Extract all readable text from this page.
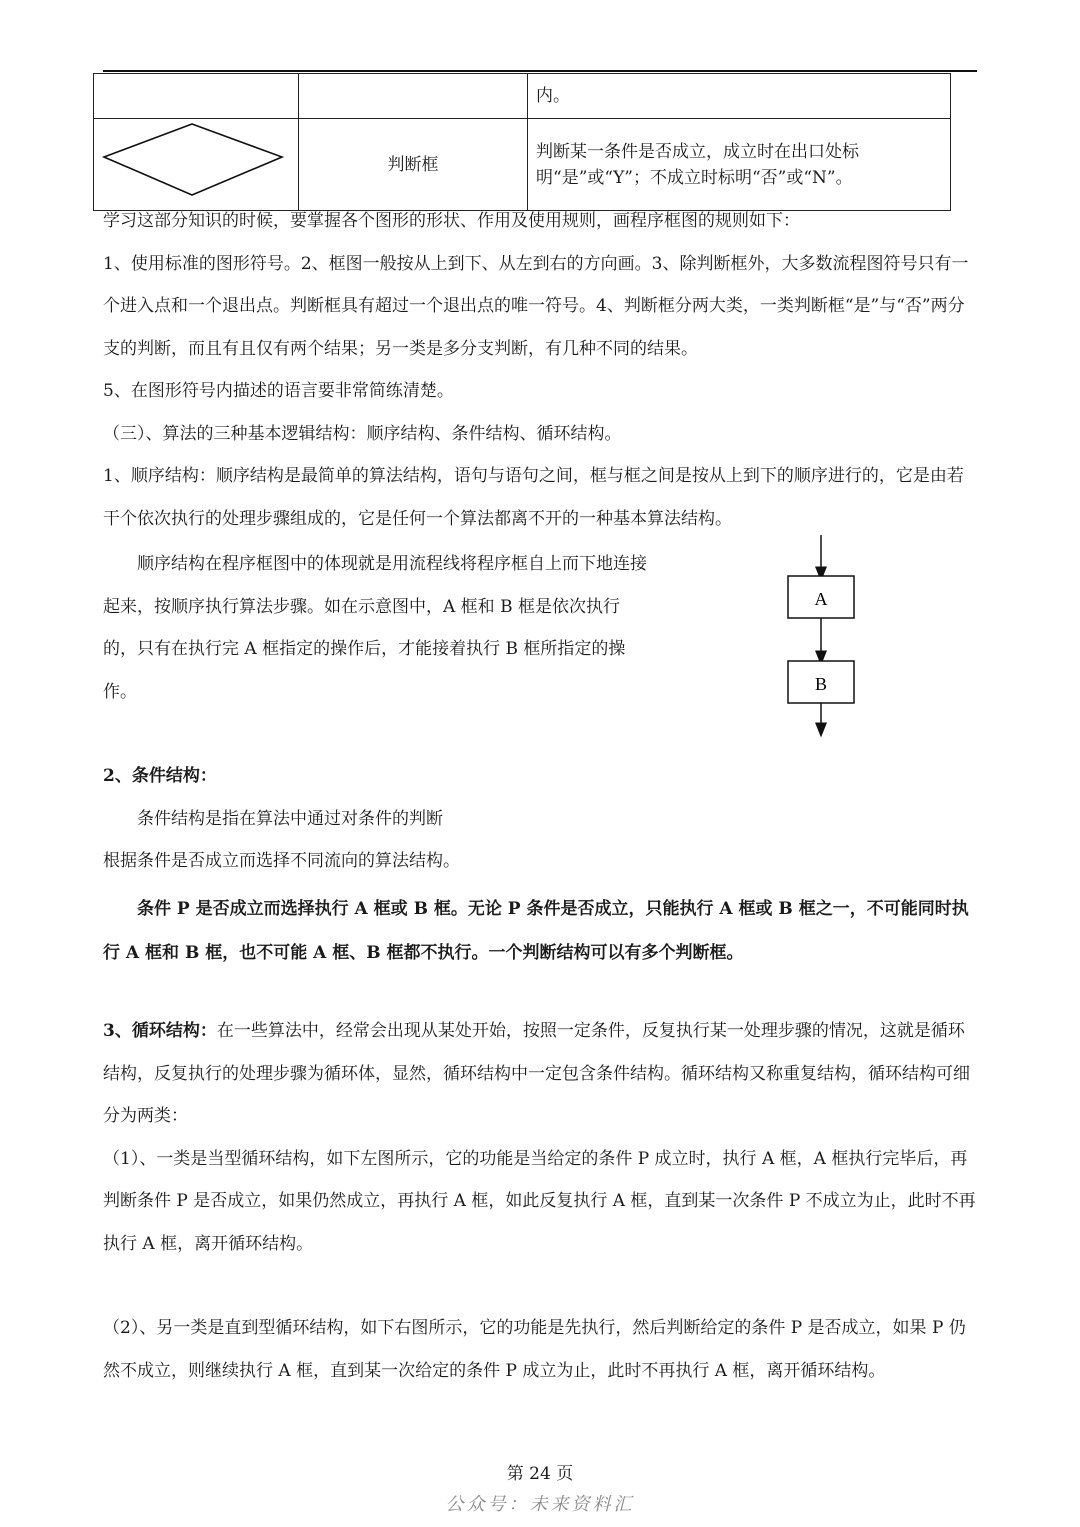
		内。
	判断框	判断某一条件是否成立，成立时在出口处标明“是”或“Y”；不成立时标明“否”或“N”。

学习这部分知识的时候，要掌握各个图形的形状、作用及使用规则，画程序框图的规则如下：

1、使用标准的图形符号。2、框图一般按从上到下、从左到右的方向画。3、除判断框外，大多数流程图符号只有一个进入点和一个退出点。判断框具有超过一个退出点的唯一符号。4、判断框分两大类，一类判断框“是”与“否”两分支的判断，而且有且仅有两个结果；另一类是多分支判断，有几种不同的结果。

5、在图形符号内描述的语言要非常简练清楚。

（三）、算法的三种基本逻辑结构：顺序结构、条件结构、循环结构。

1、顺序结构：顺序结构是最简单的算法结构，语句与语句之间，框与框之间是按从上到下的顺序进行的，它是由若干个依次执行的处理步骤组成的，它是任何一个算法都离不开的一种基本算法结构。

顺序结构在程序框图中的体现就是用流程线将程序框自上而下地连接起来，按顺序执行算法步骤。如在示意图中，A 框和 B 框是依次执行的，只有在执行完 A 框指定的操作后，才能接着执行 B 框所指定的操作。

A
B

2、条件结构：

条件结构是指在算法中通过对条件的判断

根据条件是否成立而选择不同流向的算法结构。

条件 P 是否成立而选择执行 A 框或 B 框。无论 P 条件是否成立，只能执行 A 框或 B 框之一，不可能同时执行 A 框和 B 框，也不可能 A 框、B 框都不执行。一个判断结构可以有多个判断框。

3、循环结构：在一些算法中，经常会出现从某处开始，按照一定条件，反复执行某一处理步骤的情况，这就是循环结构，反复执行的处理步骤为循环体，显然，循环结构中一定包含条件结构。循环结构又称重复结构，循环结构可细分为两类：

（1）、一类是当型循环结构，如下左图所示，它的功能是当给定的条件 P 成立时，执行 A 框，A 框执行完毕后，再判断条件 P 是否成立，如果仍然成立，再执行 A 框，如此反复执行 A 框，直到某一次条件 P 不成立为止，此时不再执行 A 框，离开循环结构。

（2）、另一类是直到型循环结构，如下右图所示，它的功能是先执行，然后判断给定的条件 P 是否成立，如果 P 仍然不成立，则继续执行 A 框，直到某一次给定的条件 P 成立为止，此时不再执行 A 框，离开循环结构。

第 24 页
公众号：未来资料汇
